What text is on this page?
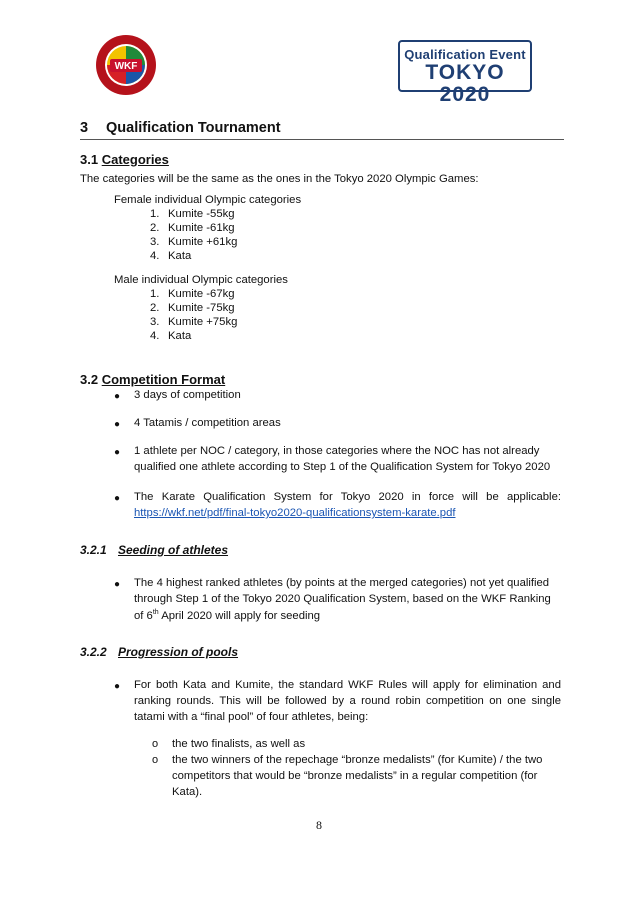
WKF
Qualification Event
TOKYO 2020
3 Qualification Tournament
3.1 Categories
The categories will be the same as the ones in the Tokyo 2020 Olympic Games:
Female individual Olympic categories
1. Kumite -55kg
2. Kumite -61kg
3. Kumite +61kg
4. Kata
Male individual Olympic categories
1. Kumite -67kg
2. Kumite -75kg
3. Kumite +75kg
4. Kata
3.2 Competition Format
● 3 days of competition
● 4 Tatamis / competition areas
● 1 athlete per NOC / category, in those categories where the NOC has not already
qualified one athlete according to Step 1 of the Qualification System for Tokyo 2020
● The Karate Qualification System for Tokyo 2020 in force will be applicable:
https://wkf.net/pdf/final-tokyo2020-qualificationsystem-karate.pdf
3.2.1 Seeding of athletes
● The 4 highest ranked athletes (by points at the merged categories) not yet qualified
through Step 1 of the Tokyo 2020 Qualification System, based on the WKF Ranking
of 6th April 2020 will apply for seeding
3.2.2 Progression of pools
● For both Kata and Kumite, the standard WKF Rules will apply for elimination and
ranking rounds. This will be followed by a round robin competition on one single
tatami with a “final pool” of four athletes, being:
o the two finalists, as well as
o the two winners of the repechage “bronze medalists” (for Kumite) / the two
competitors that would be “bronze medalists” in a regular competition (for
Kata).
8
